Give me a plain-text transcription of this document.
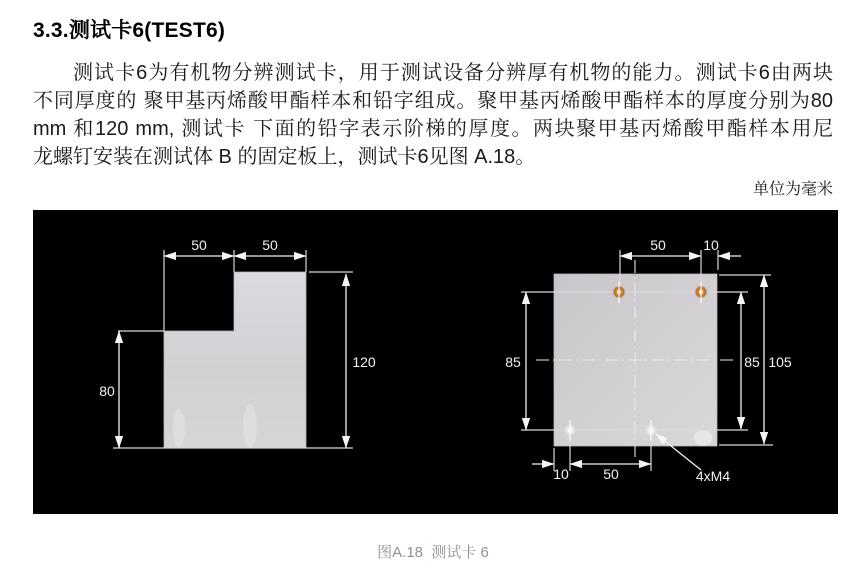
3.3.测试卡6(TEST6)
测试卡6为有机物分辨测试卡，用于测试设备分辨厚有机物的能力。测试卡6由两块
不同厚度的 聚甲基丙烯酸甲酯样本和铅字组成。聚甲基丙烯酸甲酯样本的厚度分别为80
mm 和120 mm, 测试卡 下面的铅字表示阶梯的厚度。两块聚甲基丙烯酸甲酯样本用尼
龙螺钉安装在测试体 B 的固定板上，测试卡6见图 A.18。
单位为毫米
50	50
80
120
50	10
85	85 105
10 50	4xM4
图A.18  测试卡 6
